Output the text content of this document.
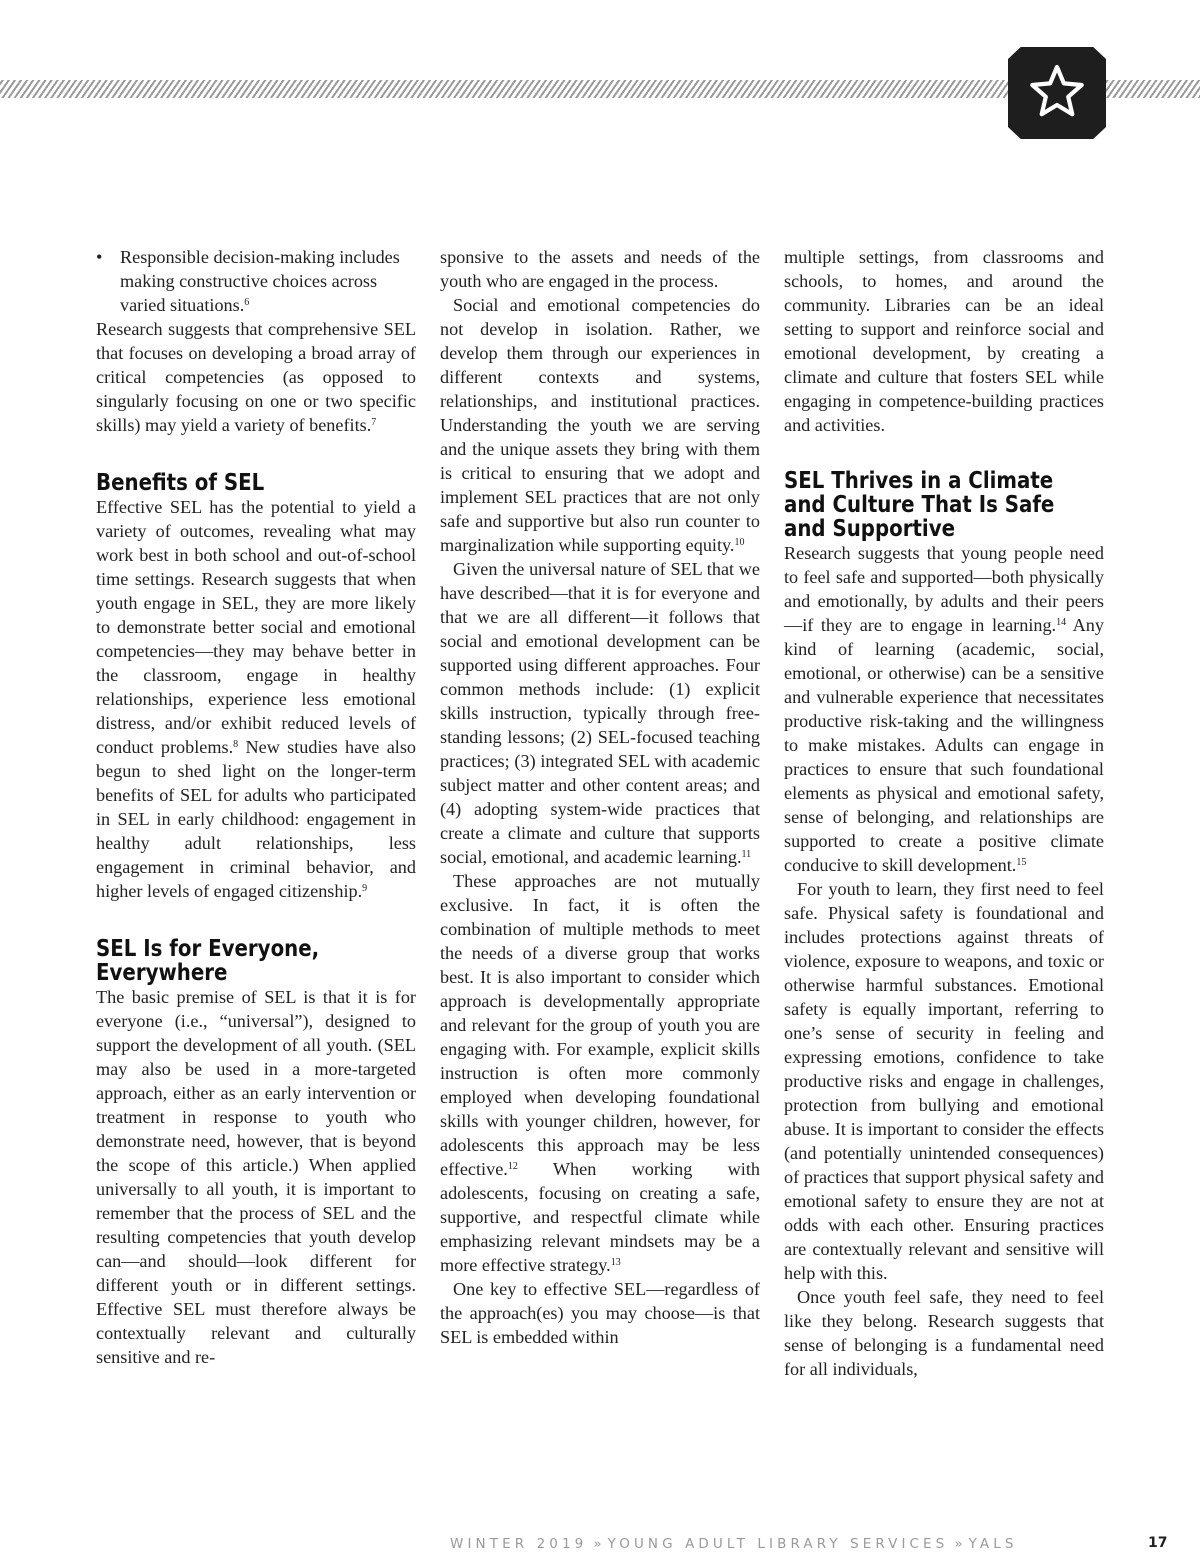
• Responsible decision-making includes making constructive choices across varied situations.$^6$

Research suggests that comprehensive SEL that focuses on developing a broad array of critical competencies (as opposed to singularly focusing on one or two specific skills) may yield a variety of benefits.$^7$

Benefits of SEL

Effective SEL has the potential to yield a variety of outcomes, revealing what may work best in both school and out-of-school time settings. Research suggests that when youth engage in SEL, they are more likely to demonstrate better social and emotional competencies—they may behave better in the classroom, engage in healthy relationships, experience less emotional distress, and/or exhibit reduced levels of conduct problems.$^8$ New studies have also begun to shed light on the longer-term benefits of SEL for adults who participated in SEL in early childhood: engagement in healthy adult relationships, less engagement in criminal behavior, and higher levels of engaged citizenship.$^9$

SEL Is for Everyone,
Everywhere

The basic premise of SEL is that it is for everyone (i.e., “universal”), designed to support the development of all youth. (SEL may also be used in a more-targeted approach, either as an early intervention or treatment in response to youth who demonstrate need, however, that is beyond the scope of this article.) When applied universally to all youth, it is important to remember that the process of SEL and the resulting competencies that youth develop can—and should—look different for different youth or in different settings. Effective SEL must therefore always be contextually relevant and culturally sensitive and re-

sponsive to the assets and needs of the youth who are engaged in the process.

Social and emotional competencies do not develop in isolation. Rather, we develop them through our experiences in different contexts and systems, relationships, and institutional practices. Understanding the youth we are serving and the unique assets they bring with them is critical to ensuring that we adopt and implement SEL practices that are not only safe and supportive but also run counter to marginalization while supporting equity.$^{10}$

Given the universal nature of SEL that we have described—that it is for everyone and that we are all different—it follows that social and emotional development can be supported using different approaches. Four common methods include: (1) explicit skills instruction, typically through free-standing lessons; (2) SEL-focused teaching practices; (3) integrated SEL with academic subject matter and other content areas; and (4) adopting system-wide practices that create a climate and culture that supports social, emotional, and academic learning.$^{11}$

These approaches are not mutually exclusive. In fact, it is often the combination of multiple methods to meet the needs of a diverse group that works best. It is also important to consider which approach is developmentally appropriate and relevant for the group of youth you are engaging with. For example, explicit skills instruction is often more commonly employed when developing foundational skills with younger children, however, for adolescents this approach may be less effective.$^{12}$ When working with adolescents, focusing on creating a safe, supportive, and respectful climate while emphasizing relevant mindsets may be a more effective strategy.$^{13}$

One key to effective SEL—regardless of the approach(es) you may choose—is that SEL is embedded within

multiple settings, from classrooms and schools, to homes, and around the community. Libraries can be an ideal setting to support and reinforce social and emotional development, by creating a climate and culture that fosters SEL while engaging in competence-building practices and activities.

SEL Thrives in a Climate
and Culture That Is Safe
and Supportive

Research suggests that young people need to feel safe and supported—both physically and emotionally, by adults and their peers—if they are to engage in learning.$^{14}$ Any kind of learning (academic, social, emotional, or otherwise) can be a sensitive and vulnerable experience that necessitates productive risk-taking and the willingness to make mistakes. Adults can engage in practices to ensure that such foundational elements as physical and emotional safety, sense of belonging, and relationships are supported to create a positive climate conducive to skill development.$^{15}$

For youth to learn, they first need to feel safe. Physical safety is foundational and includes protections against threats of violence, exposure to weapons, and toxic or otherwise harmful substances. Emotional safety is equally important, referring to one’s sense of security in feeling and expressing emotions, confidence to take productive risks and engage in challenges, protection from bullying and emotional abuse. It is important to consider the effects (and potentially unintended consequences) of practices that support physical safety and emotional safety to ensure they are not at odds with each other. Ensuring practices are contextually relevant and sensitive will help with this.

Once youth feel safe, they need to feel like they belong. Research suggests that sense of belonging is a fundamental need for all individuals,

WINTER 2019 » YOUNG ADULT LIBRARY SERVICES » YALS	17
